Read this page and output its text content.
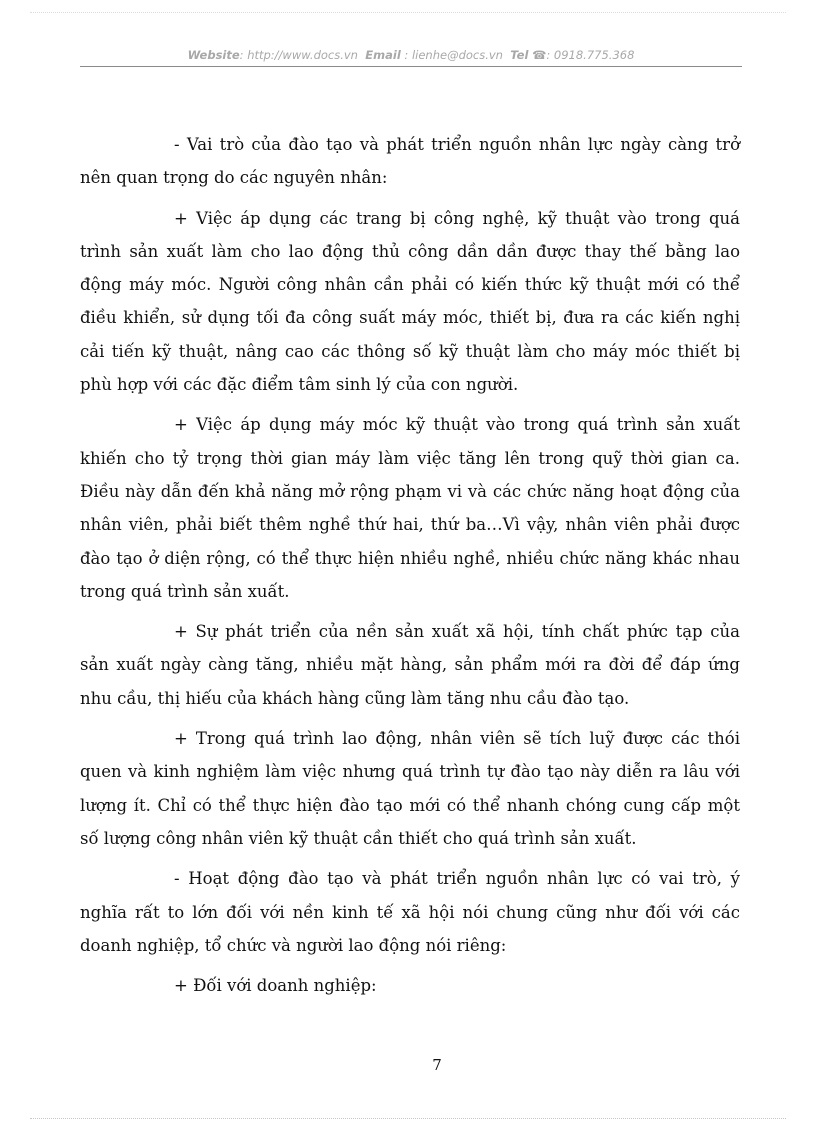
Website: http://www.docs.vn Email : lienhe@docs.vn Tel ☎: 0918.775.368

- Vai trò của đào tạo và phát triển nguồn nhân lực ngày càng trở nên quan trọng do các nguyên nhân:

+ Việc áp dụng các trang bị công nghệ, kỹ thuật vào trong quá trình sản xuất làm cho lao động thủ công dần dần được thay thế bằng lao động máy móc. Người công nhân cần phải có kiến thức kỹ thuật mới có thể điều khiển, sử dụng tối đa công suất máy móc, thiết bị, đưa ra các kiến nghị cải tiến kỹ thuật, nâng cao các thông số kỹ thuật làm cho máy móc thiết bị phù hợp với các đặc điểm tâm sinh lý của con người.

+ Việc áp dụng máy móc kỹ thuật vào trong quá trình sản xuất khiến cho tỷ trọng thời gian máy làm việc tăng lên trong quỹ thời gian ca. Điều này dẫn đến khả năng mở rộng phạm vi và các chức năng hoạt động của nhân viên, phải biết thêm nghề thứ hai, thứ ba…Vì vậy, nhân viên phải được đào tạo ở diện rộng, có thể thực hiện nhiều nghề, nhiều chức năng khác nhau trong quá trình sản xuất.

+ Sự phát triển của nền sản xuất xã hội, tính chất phức tạp của sản xuất ngày càng tăng, nhiều mặt hàng, sản phẩm mới ra đời để đáp ứng nhu cầu, thị hiếu của khách hàng cũng làm tăng nhu cầu đào tạo.

+ Trong quá trình lao động, nhân viên sẽ tích luỹ được các thói quen và kinh nghiệm làm việc nhưng quá trình tự đào tạo này diễn ra lâu với lượng ít. Chỉ có thể thực hiện đào tạo mới có thể nhanh chóng cung cấp một số lượng công nhân viên kỹ thuật cần thiết cho quá trình sản xuất.

- Hoạt động đào tạo và phát triển nguồn nhân lực có vai trò, ý nghĩa rất to lớn đối với nền kinh tế xã hội nói chung cũng như đối với các doanh nghiệp, tổ chức và người lao động nói riêng:

+ Đối với doanh nghiệp:

7
